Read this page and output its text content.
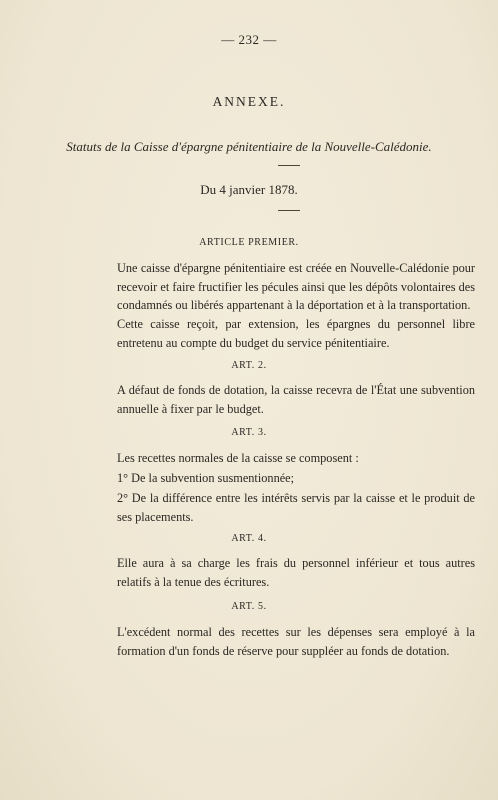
— 232 —
ANNEXE.
Statuts de la Caisse d'épargne pénitentiaire de la Nouvelle-Calédonie.
Du 4 janvier 1878.
ARTICLE PREMIER.
Une caisse d'épargne pénitentiaire est créée en Nouvelle-Calédonie pour recevoir et faire fructifier les pécules ainsi que les dépôts volontaires des condamnés ou libérés appartenant à la déportation et à la transportation.
Cette caisse reçoit, par extension, les épargnes du personnel libre entretenu au compte du budget du service pénitentiaire.
ART. 2.
A défaut de fonds de dotation, la caisse recevra de l'État une subvention annuelle à fixer par le budget.
ART. 3.
Les recettes normales de la caisse se composent :
1° De la subvention susmentionnée;
2° De la différence entre les intérêts servis par la caisse et le produit de ses placements.
ART. 4.
Elle aura à sa charge les frais du personnel inférieur et tous autres relatifs à la tenue des écritures.
ART. 5.
L'excédent normal des recettes sur les dépenses sera employé à la formation d'un fonds de réserve pour suppléer au fonds de dotation.
